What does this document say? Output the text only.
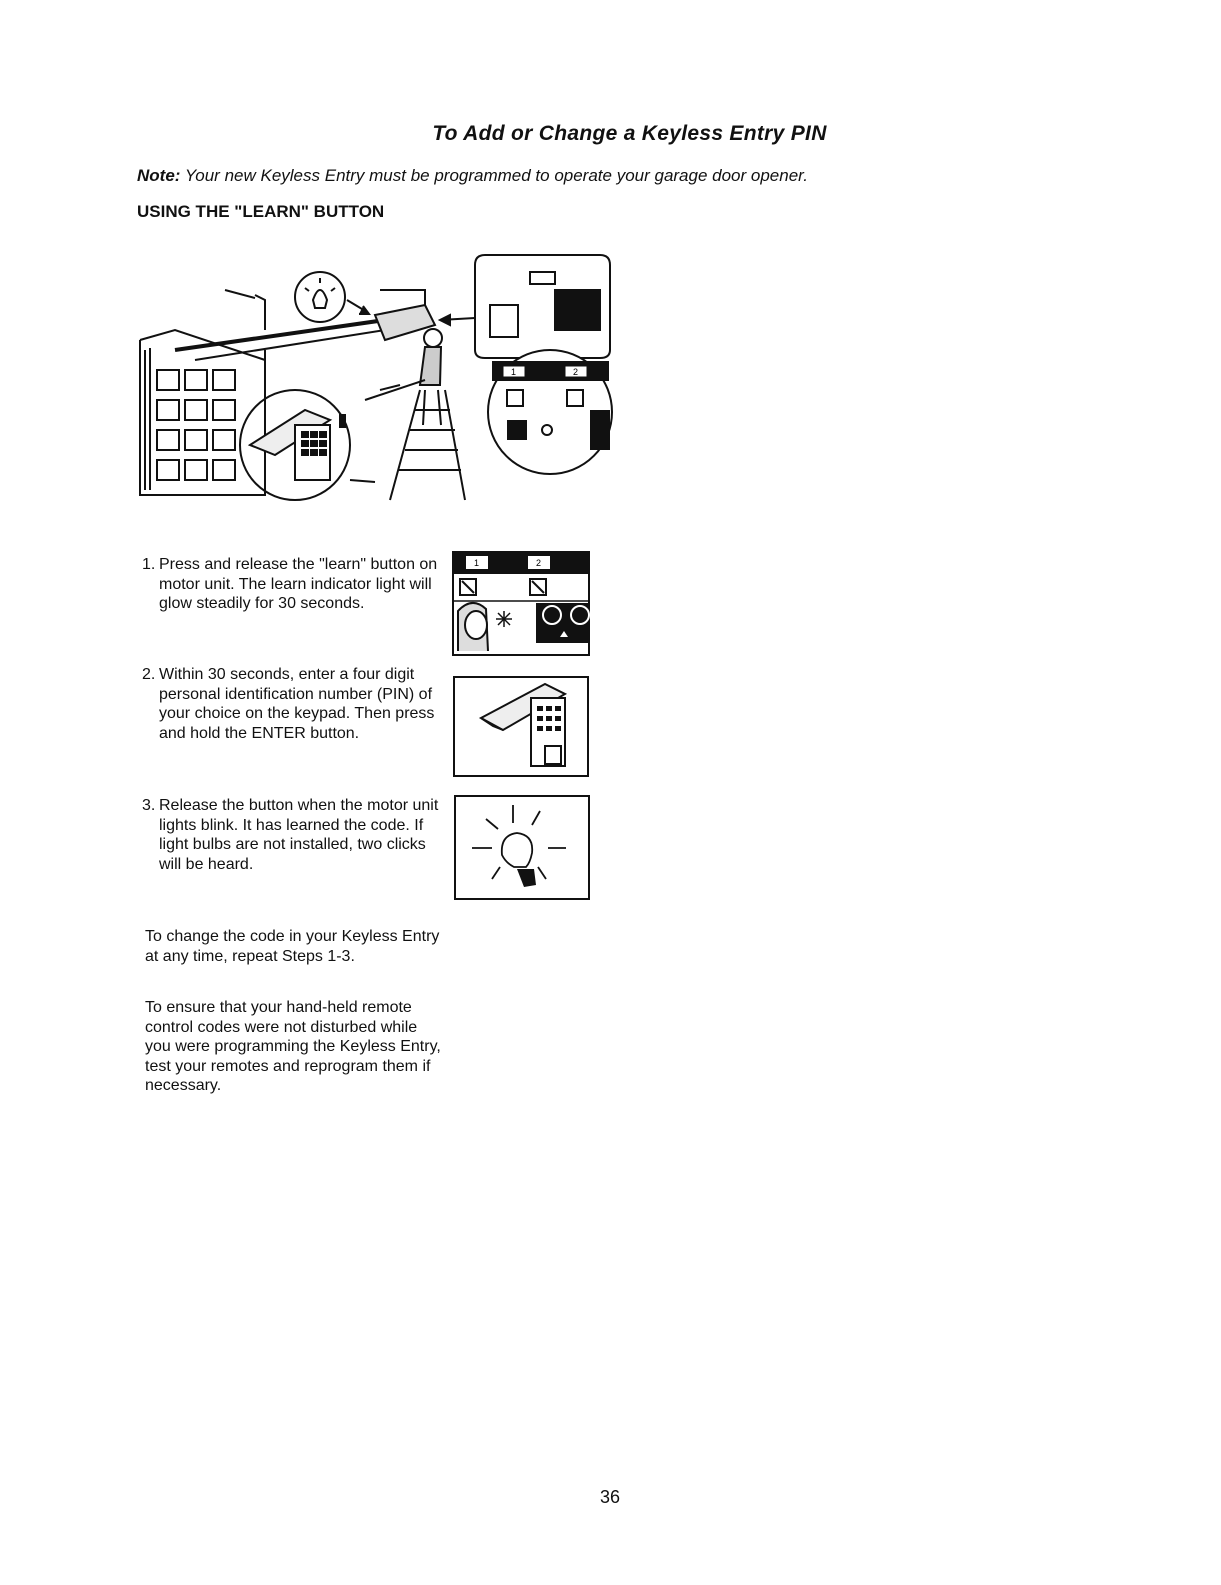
To Add or Change a Keyless Entry PIN
Note: Your new Keyless Entry must be programmed to operate your garage door opener.
USING THE "LEARN" BUTTON
1	2
1. Press and release the "learn" button on motor unit. The learn indicator light will glow steadily for 30 seconds.
1	2
2. Within 30 seconds, enter a four digit personal identification number (PIN) of your choice on the keypad. Then press and hold the ENTER button.
3. Release the button when the motor unit lights blink. It has learned the code. If light bulbs are not installed, two clicks will be heard.
To change the code in your Keyless Entry at any time, repeat Steps 1-3.
To ensure that your hand-held remote control codes were not disturbed while you were programming the Keyless Entry, test your remotes and reprogram them if necessary.
36
